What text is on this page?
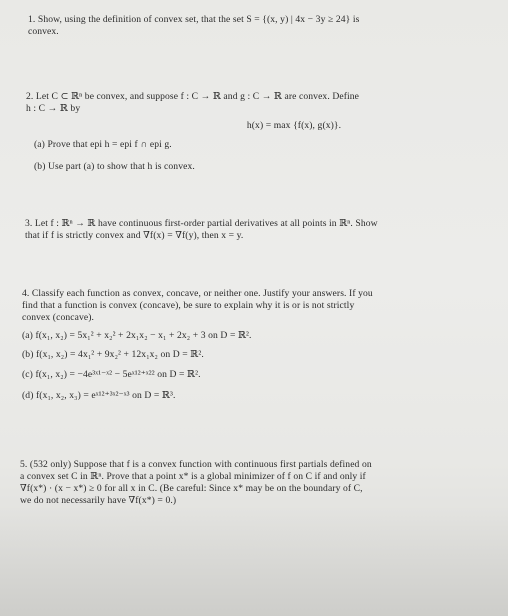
1. Show, using the definition of convex set, that the set S = {(x, y) | 4x − 3y ≥ 24} is
convex.
2. Let C ⊂ ℝⁿ be convex, and suppose f : C → ℝ and g : C → ℝ are convex. Define
h : C → ℝ by
h(x) = max {f(x), g(x)}.
(a) Prove that epi h = epi f ∩ epi g.
(b) Use part (a) to show that h is convex.
3. Let f : ℝⁿ → ℝ have continuous first-order partial derivatives at all points in ℝⁿ. Show
that if f is strictly convex and ∇f(x) = ∇f(y), then x = y.
4. Classify each function as convex, concave, or neither one. Justify your answers. If you
find that a function is convex (concave), be sure to explain why it is or is not strictly
convex (concave).
(a) f(x₁, x₂) = 5x₁² + x₂² + 2x₁x₂ − x₁ + 2x₂ + 3 on D = ℝ².
(b) f(x₁, x₂) = 4x₁² + 9x₂² + 12x₁x₂ on D = ℝ².
(c) f(x₁, x₂) = −4e³ˣ¹⁻ˣ² − 5eˣ¹²⁺ˣ²² on D = ℝ².
(d) f(x₁, x₂, x₃) = eˣ¹²⁺³ˣ²⁻ˣ³ on D = ℝ³.
5. (532 only) Suppose that f is a convex function with continuous first partials defined on
a convex set C in ℝⁿ. Prove that a point x* is a global minimizer of f on C if and only if
∇f(x*) · (x − x*) ≥ 0 for all x in C. (Be careful: Since x* may be on the boundary of C,
we do not necessarily have ∇f(x*) = 0.)
